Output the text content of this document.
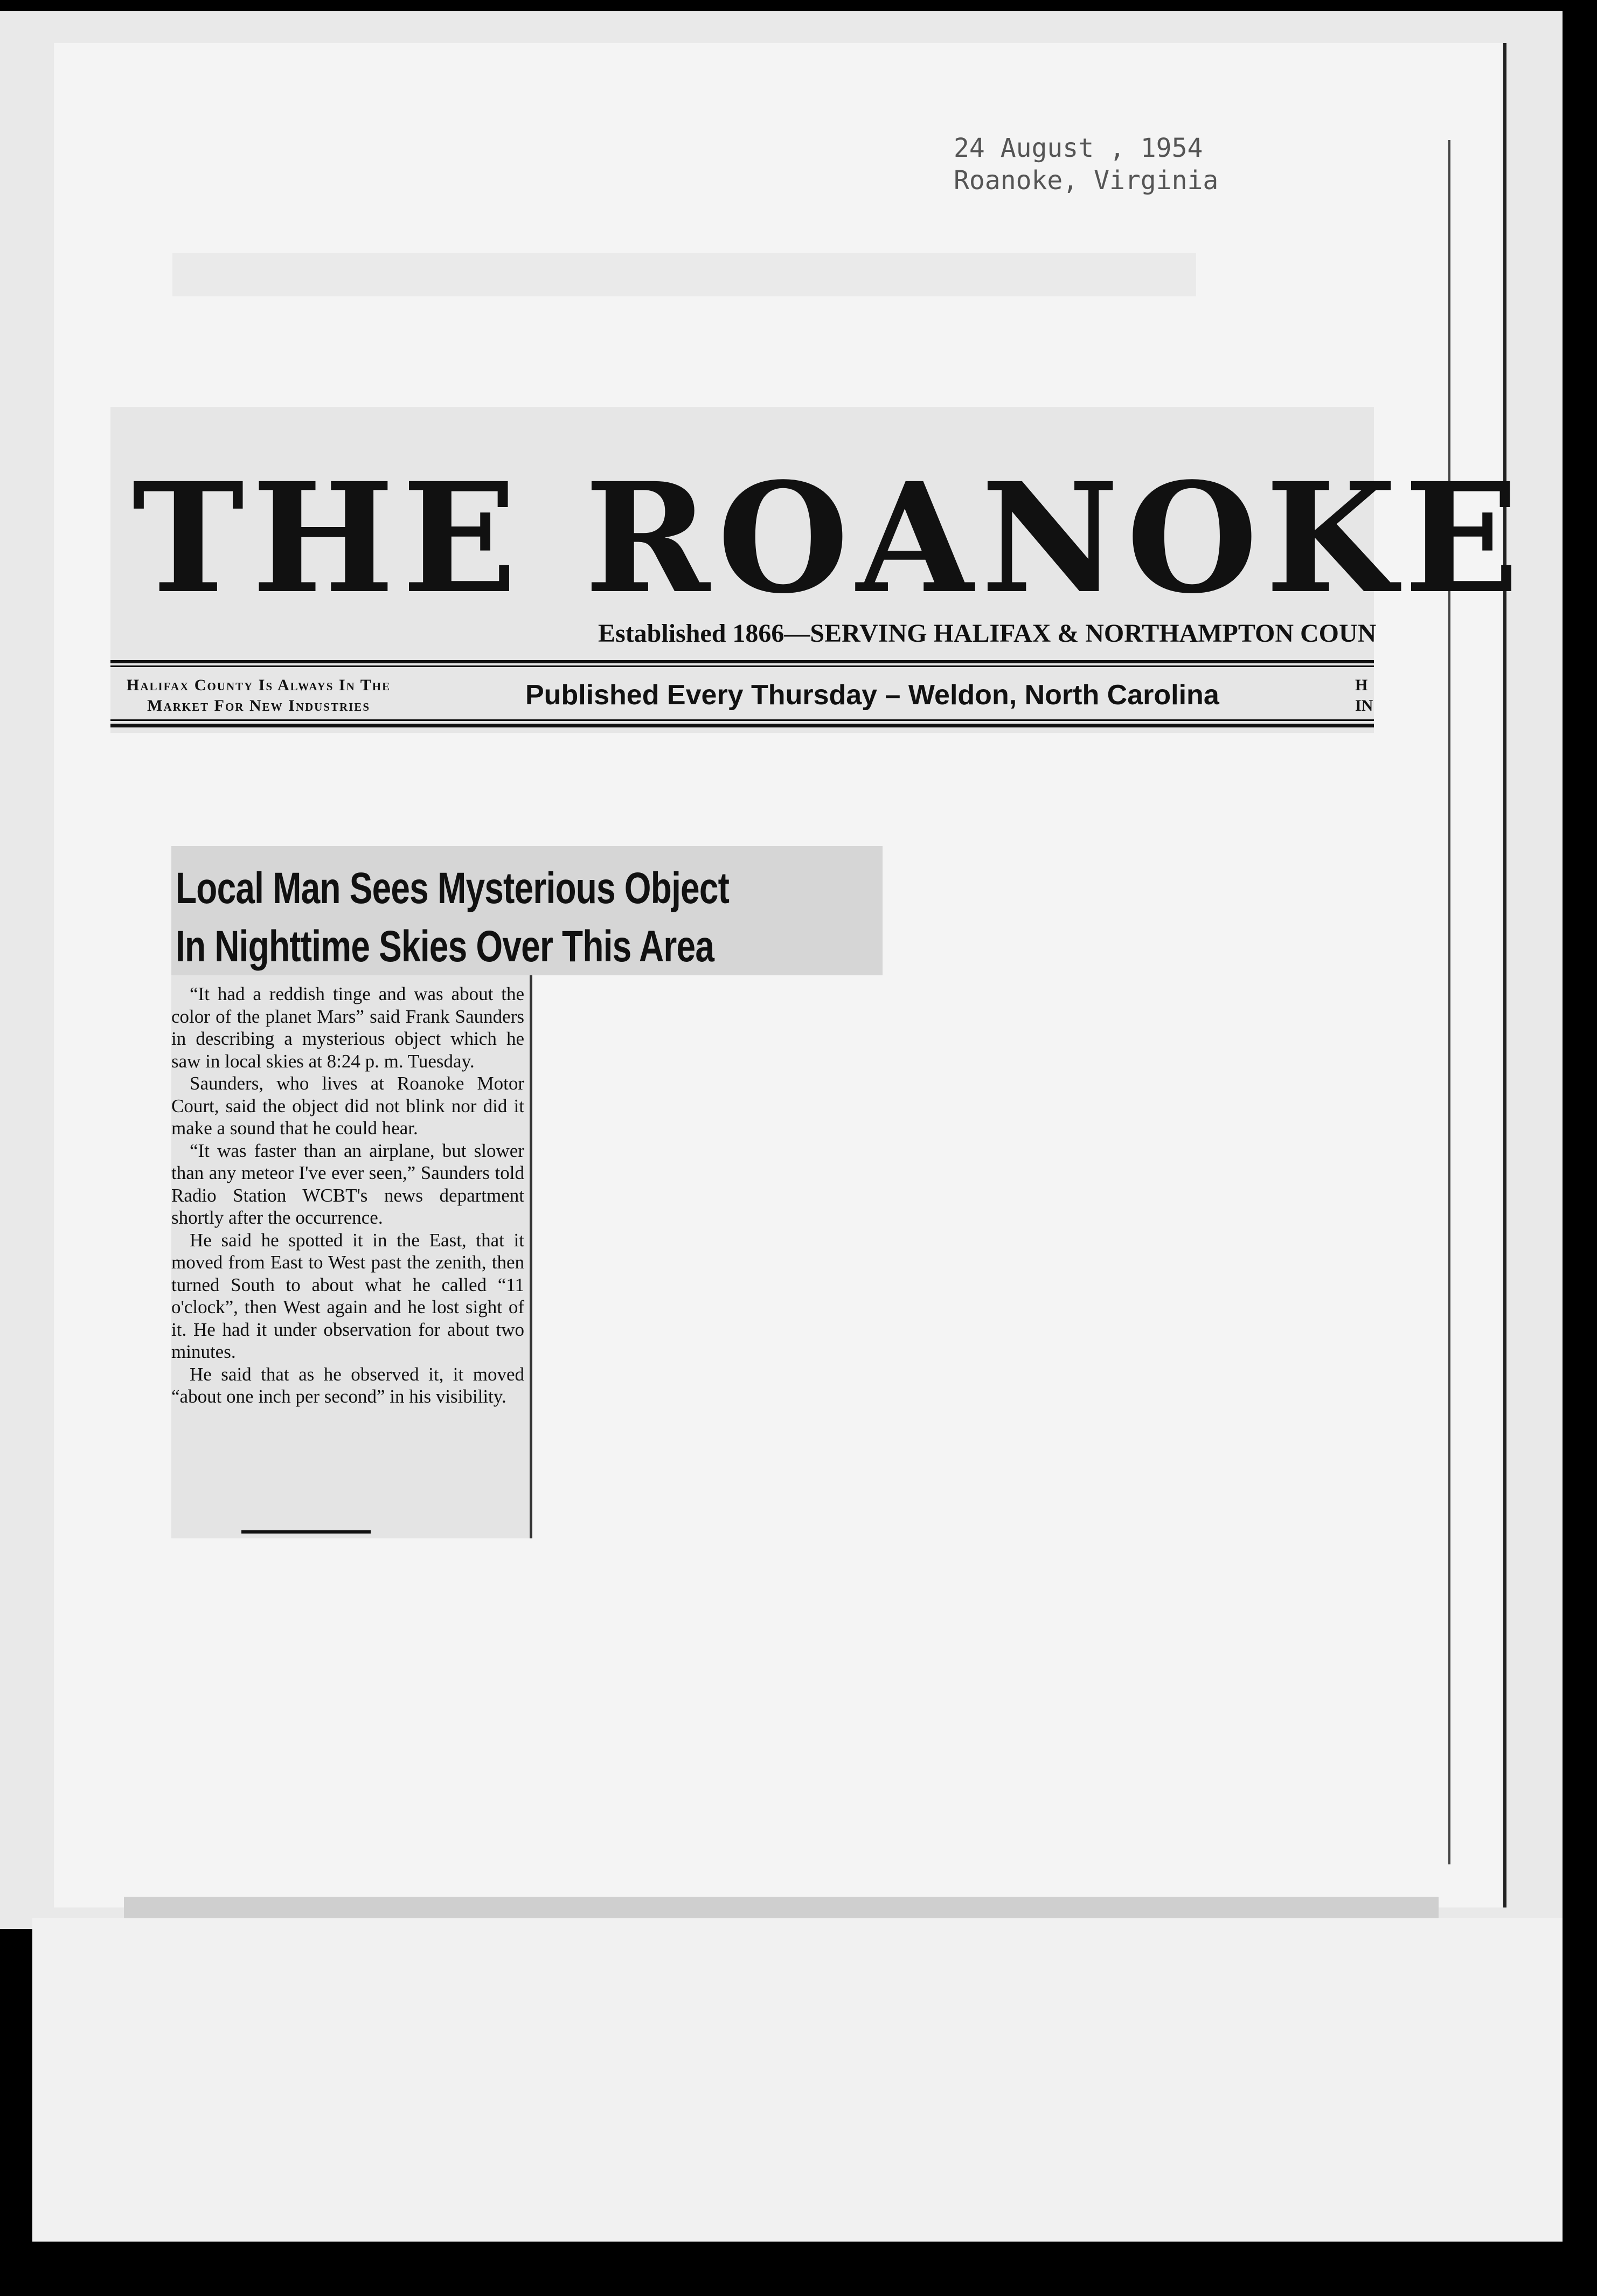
24 August , 1954
Roanoke, Virginia
THE ROANOKE
Established 1866—SERVING HALIFAX & NORTHAMPTON COUN
Halifax County Is Always In The
Market For New Industries	Published Every Thursday – Weldon, North Carolina	H
IN
Local Man Sees Mysterious Object
In Nighttime Skies Over This Area

“It had a reddish tinge and was about the color of the planet Mars” said Frank Saunders in describing a mysterious object which he saw in local skies at 8:24 p. m. Tuesday.

Saunders, who lives at Roanoke Motor Court, said the object did not blink nor did it make a sound that he could hear.

“It was faster than an airplane, but slower than any meteor I've ever seen,” Saunders told Radio Station WCBT's news department shortly after the occurrence.

He said he spotted it in the East, that it moved from East to West past the zenith, then turned South to about what he called “11 o'clock”, then West again and he lost sight of it. He had it under observation for about two minutes.

He said that as he observed it, it moved “about one inch per second” in his visibility.
